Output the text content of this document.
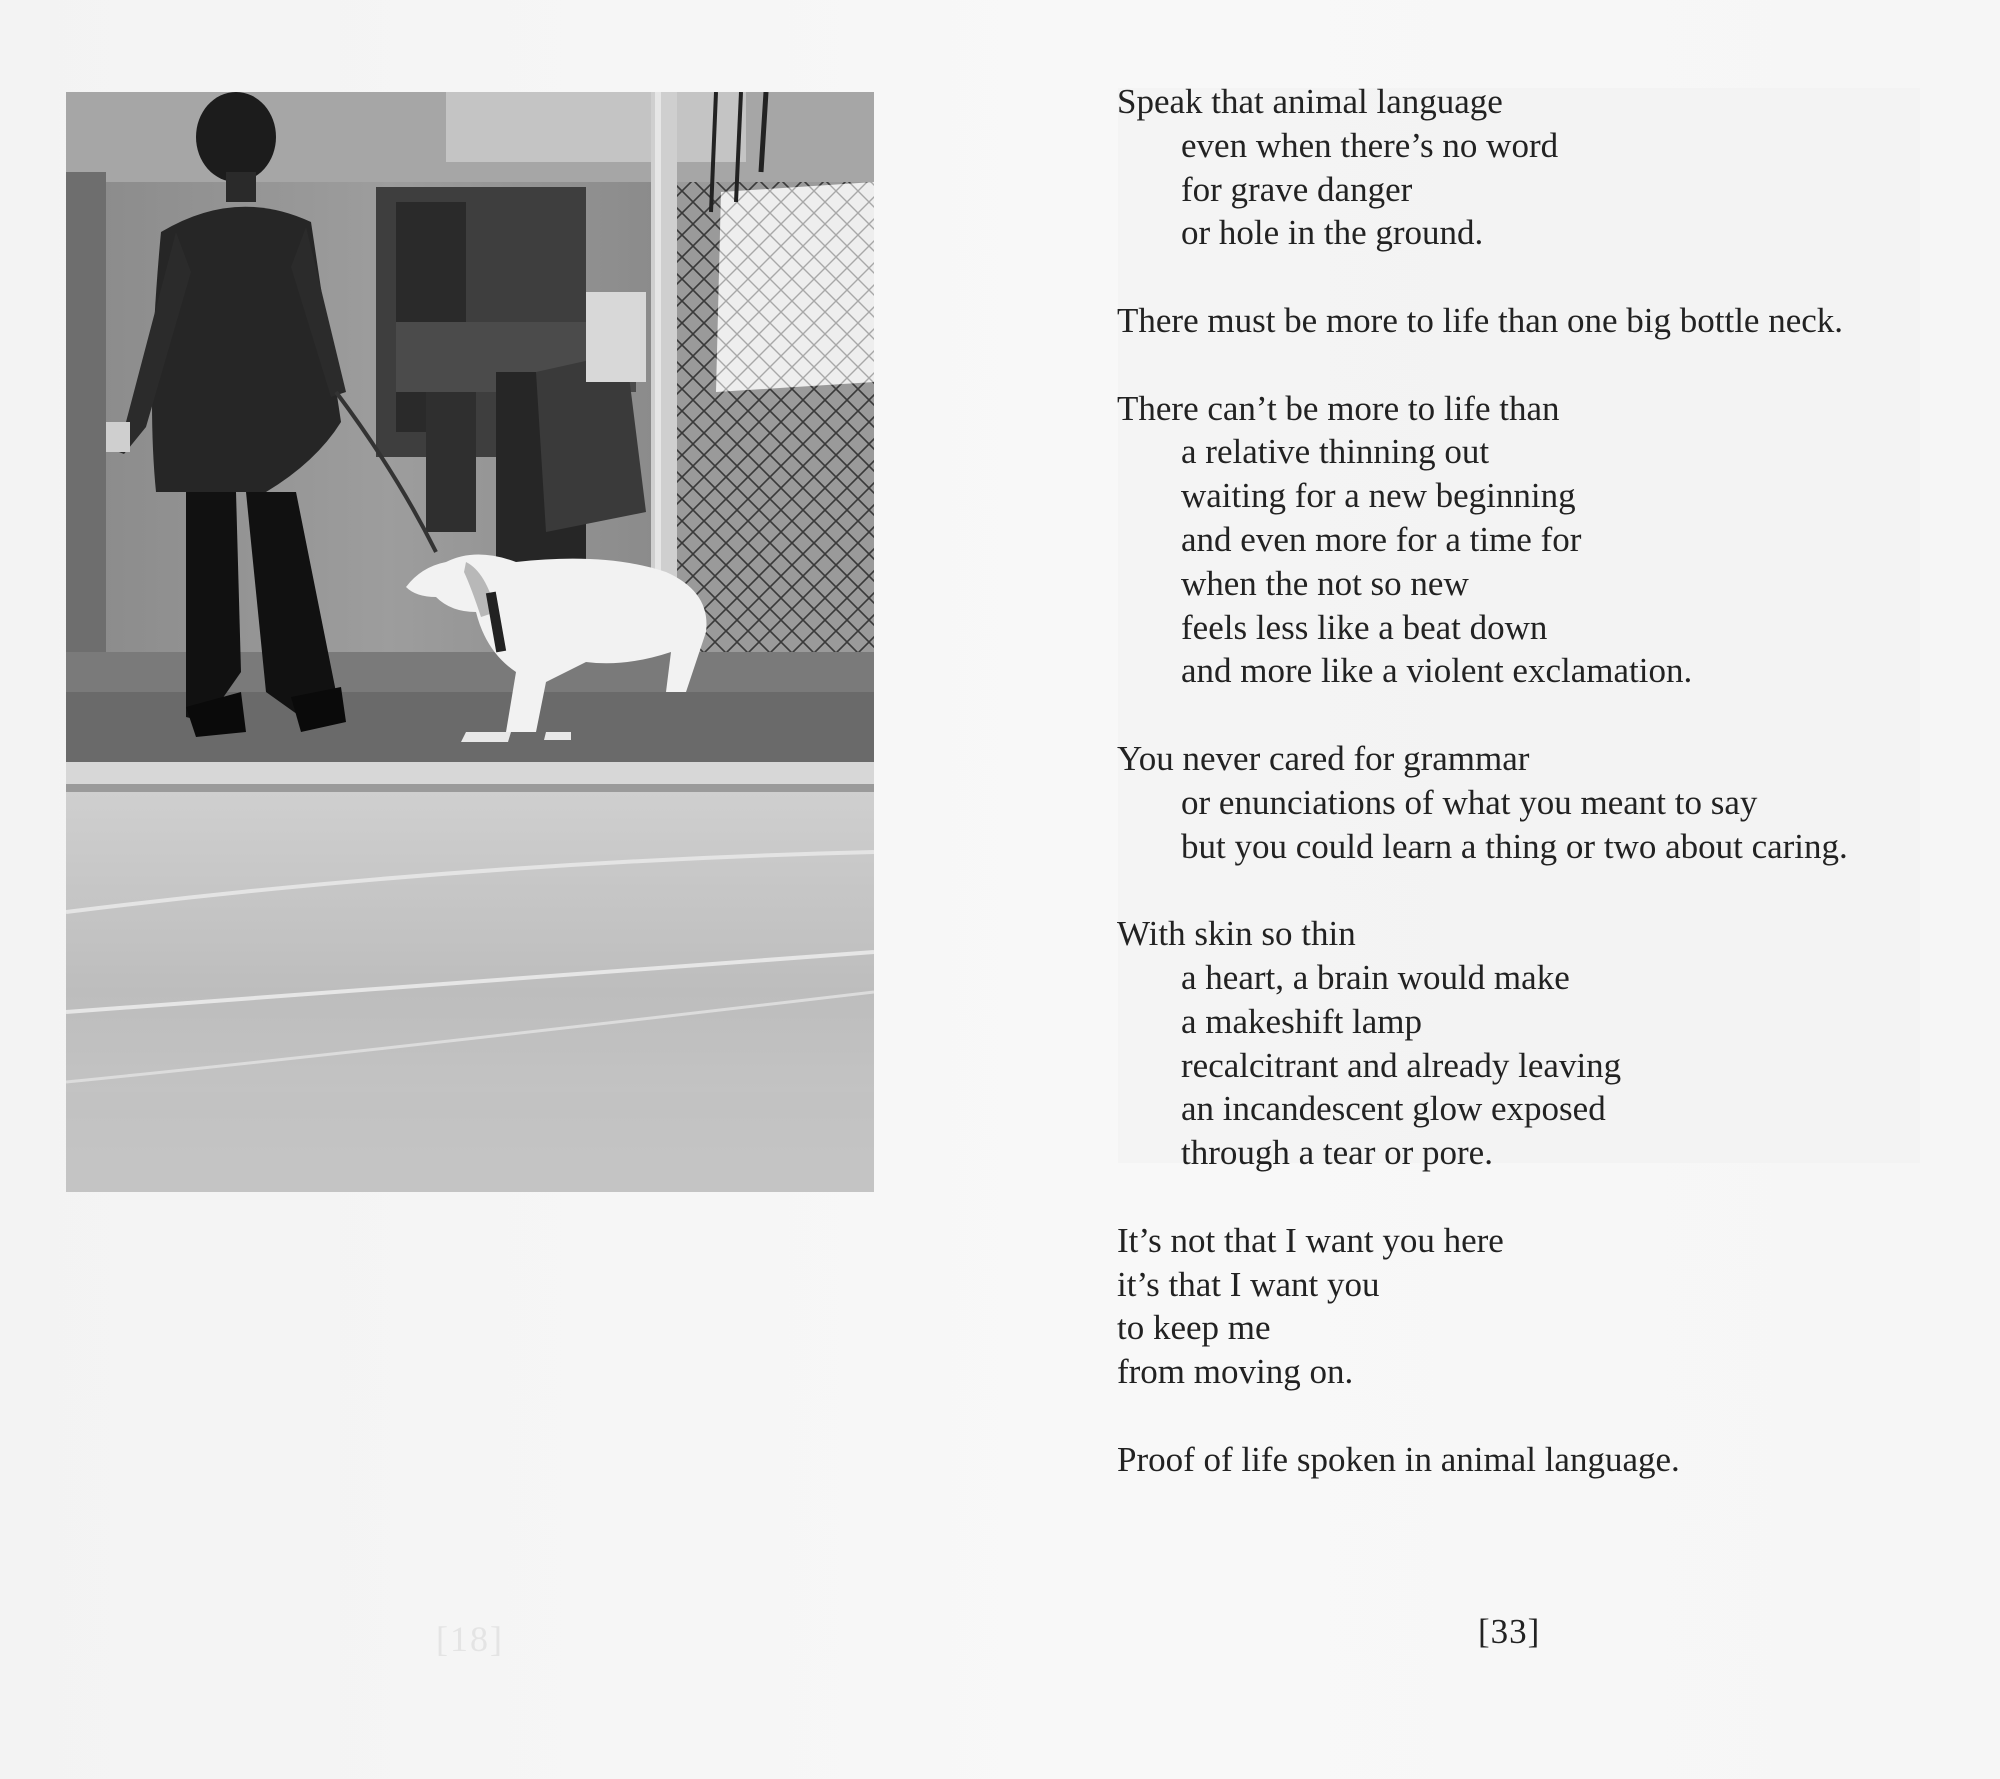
[18]
Speak that animal language
even when there’s no word
for grave danger
or hole in the ground.
There must be more to life than one big bottle neck.
There can’t be more to life than
a relative thinning out
waiting for a new beginning
and even more for a time for
when the not so new
feels less like a beat down
and more like a violent exclamation.
You never cared for grammar
or enunciations of what you meant to say
but you could learn a thing or two about caring.
With skin so thin
a heart, a brain would make
a makeshift lamp
recalcitrant and already leaving
an incandescent glow exposed
through a tear or pore.
It’s not that I want you here
it’s that I want you
to keep me
from moving on.
Proof of life spoken in animal language.
[33]
